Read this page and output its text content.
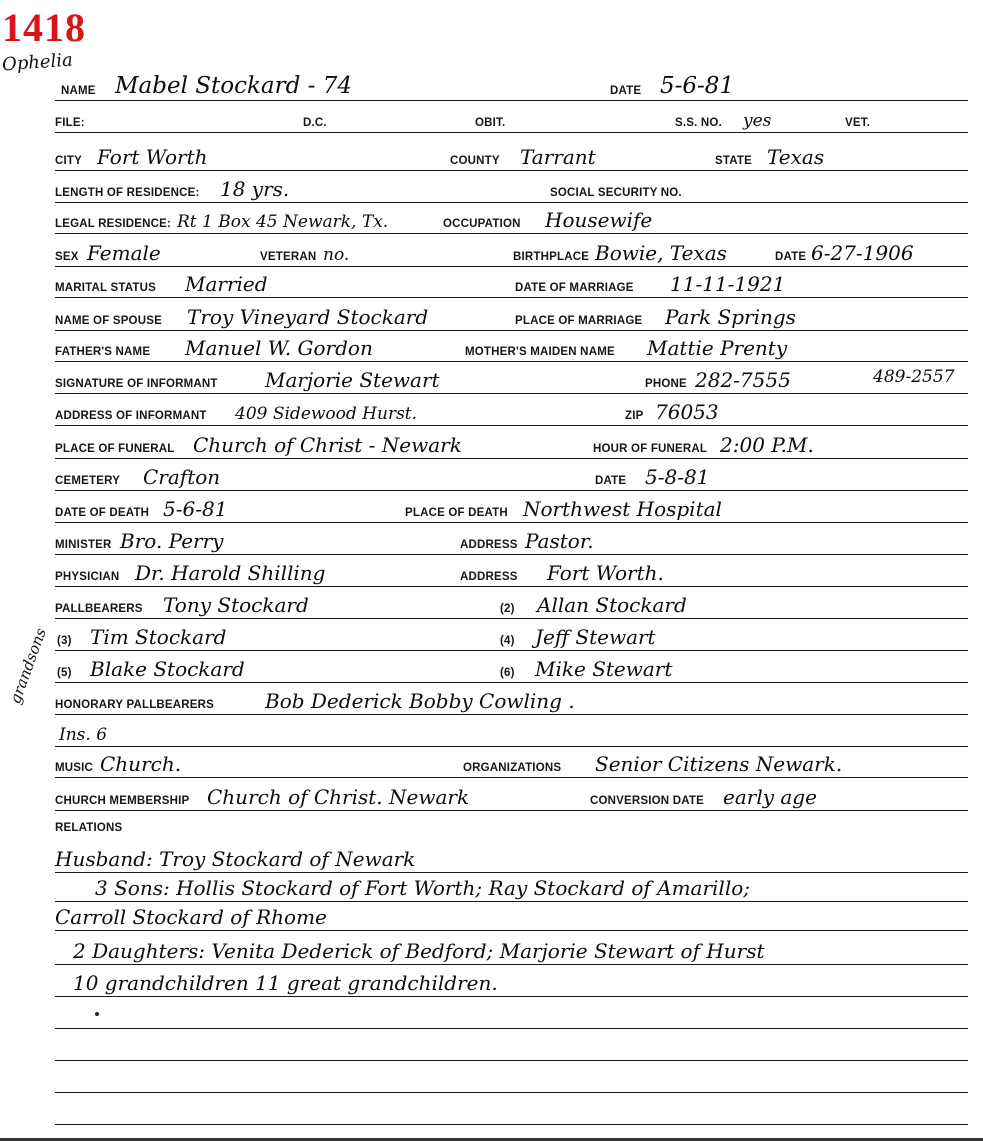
1418
Ophelia
grandsons
NAME Mabel Stockard - 74	DATE 5-6-81
FILE:	D.C.	OBIT.	S.S. NO. yes	VET.
CITY Fort Worth	COUNTY Tarrant	STATE Texas
LENGTH OF RESIDENCE: 18 yrs.	SOCIAL SECURITY NO.
LEGAL RESIDENCE: Rt 1 Box 45 Newark, Tx.	OCCUPATION Housewife
SEX Female	VETERAN no.	BIRTHPLACE Bowie, Texas	DATE 6-27-1906
MARITAL STATUS Married	DATE OF MARRIAGE 11-11-1921
NAME OF SPOUSE Troy Vineyard Stockard	PLACE OF MARRIAGE Park Springs
FATHER'S NAME Manuel W. Gordon	MOTHER'S MAIDEN NAME Mattie Prenty
SIGNATURE OF INFORMANT Marjorie Stewart	PHONE 282-7555	489-2557
ADDRESS OF INFORMANT 409 Sidewood Hurst.	ZIP 76053
PLACE OF FUNERAL Church of Christ - Newark	HOUR OF FUNERAL 2:00 P.M.
CEMETERY Crafton	DATE 5-8-81
DATE OF DEATH 5-6-81	PLACE OF DEATH Northwest Hospital
MINISTER Bro. Perry	ADDRESS Pastor.
PHYSICIAN Dr. Harold Shilling	ADDRESS Fort Worth.
PALLBEARERS Tony Stockard	(2) Allan Stockard
(3) Tim Stockard	(4) Jeff Stewart
(5) Blake Stockard	(6) Mike Stewart
HONORARY PALLBEARERS	Bob Dederick Bobby Cowling .
Ins. 6
MUSIC Church.	ORGANIZATIONS Senior Citizens Newark.
CHURCH MEMBERSHIP Church of Christ. Newark	CONVERSION DATE early age
RELATIONS
Husband: Troy Stockard of Newark
3 Sons: Hollis Stockard of Fort Worth; Ray Stockard of Amarillo;
Carroll Stockard of Rhome
2 Daughters: Venita Dederick of Bedford; Marjorie Stewart of Hurst
10 grandchildren 11 great grandchildren.
